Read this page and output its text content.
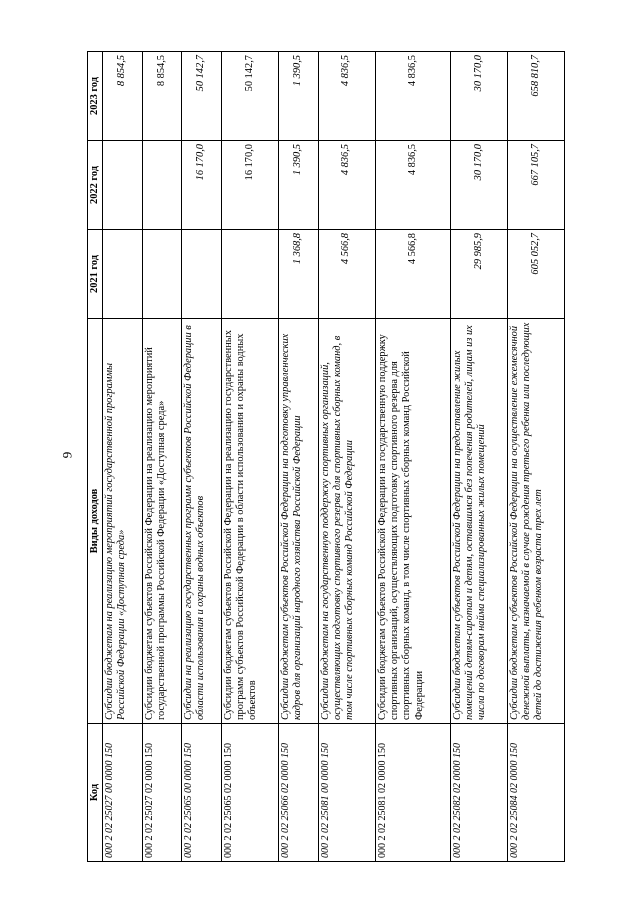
9
Код	Виды доходов	2021 год	2022 год	2023 год
000 2 02 25027 00 0000 150	Субсидии бюджетам на реализацию мероприятий государственной программы Российской Федерации «Доступная среда»			8 854,5
000 2 02 25027 02 0000 150	Субсидии бюджетам субъектов Российской Федерации на реализацию мероприятий государственной программы Российской Федерации «Доступная среда»			8 854,5
000 2 02 25065 00 0000 150	Субсидии на реализацию государственных программ субъектов Российской Федерации в области использования и охраны водных объектов		16 170,0	50 142,7
000 2 02 25065 02 0000 150	Субсидии бюджетам субъектов Российской Федерации на реализацию государственных программ субъектов Российской Федерации в области использования и охраны водных объектов		16 170,0	50 142,7
000 2 02 25066 02 0000 150	Субсидии бюджетам субъектов Российской Федерации на подготовку управленческих кадров для организаций народного хозяйства Российской Федерации	1 368,8	1 390,5	1 390,5
000 2 02 25081 00 0000 150	Субсидии бюджетам на государственную поддержку спортивных организаций, осуществляющих подготовку спортивного резерва для спортивных сборных команд, в том числе спортивных сборных команд Российской Федерации	4 566,8	4 836,5	4 836,5
000 2 02 25081 02 0000 150	Субсидии бюджетам субъектов Российской Федерации на государственную поддержку спортивных организаций, осуществляющих подготовку спортивного резерва для спортивных сборных команд, в том числе спортивных сборных команд Российской Федерации	4 566,8	4 836,5	4 836,5
000 2 02 25082 02 0000 150	Субсидии бюджетам субъектов Российской Федерации на предоставление жилых помещений детям-сиротам и детям, оставшимся без попечения родителей, лицам из их числа по договорам найма специализированных жилых помещений	29 985,9	30 170,0	30 170,0
000 2 02 25084 02 0000 150	Субсидии бюджетам субъектов Российской Федерации на осуществление ежемесячной денежной выплаты, назначаемой в случае рождения третьего ребенка или последующих детей до достижения ребенком возраста трех лет	605 052,7	667 105,7	658 810,7
